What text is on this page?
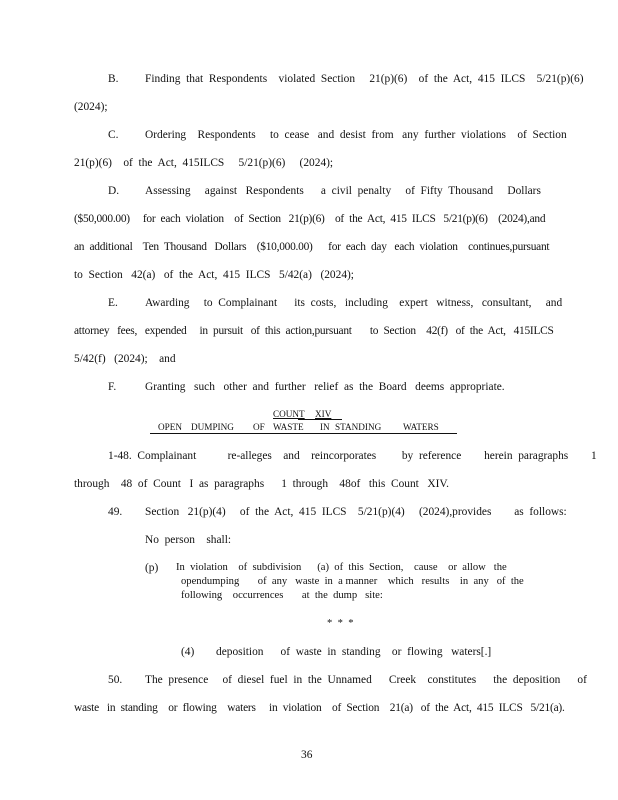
B. Finding  that  Respondents    violated  Section     21(p)(6)    of  the  Act,  415  ILCS    5/21(p)(6)
(2024);
C. Ordering    Respondents     to  cease   and  desist  from   any  further  violations    of  Section
21(p)(6)    of  the  Act,  415ILCS     5/21(p)(6)     (2024);
D. Assessing     against   Respondents      a  civil  penalty     of  Fifty  Thousand     Dollars
($50,000.00)     for  each  violation    of  Section   21(p)(6)    of  the  Act,  415  ILCS   5/21(p)(6)    (2024),and
an  additional    Ten  Thousand   Dollars    ($10,000.00)      for  each  day   each  violation    continues,pursuant
to  Section   42(a)   of  the  Act,  415  ILCS   5/42(a)   (2024);
E. Awarding     to  Complainant      its  costs,   including    expert   witness,   consultant,     and
attorney   fees,   expended     in  pursuit   of  this  action,pursuant       to  Section    42(f)   of  the  Act,   415ILCS
5/42(f)   (2024);    and
F.	Granting   such   other  and  further   relief  as  the  Board   deems  appropriate.
COUNT XIV
OPEN DUMPING OF WASTE IN STANDING WATERS
1-48.  Complainant           re-alleges    and    reincorporates         by  reference        herein  paragraphs        1
through    48  of  Count   I  as  paragraphs      1  through    48of   this  Count   XIV.
49. Section   21(p)(4)     of  the  Act,  415  ILCS    5/21(p)(4)     (2024),provides        as  follows:
No  person    shall:
(p) In  violation    of  subdivision      (a)  of  this  Section,    cause    or  allow   the
opendumping       of  any   waste  in  a manner    which   results    in  any   of  the
following    occurrences       at  the  dump   site:
*  *  *
(4) deposition      of  waste  in  standing    or  flowing   waters[.]
50. The  presence     of  diesel  fuel  in  the  Unnamed      Creek    constitutes      the  deposition      of
waste   in  standing    or  flowing    waters     in  violation    of  Section    21(a)   of  the  Act,  415  ILCS   5/21(a).
36
